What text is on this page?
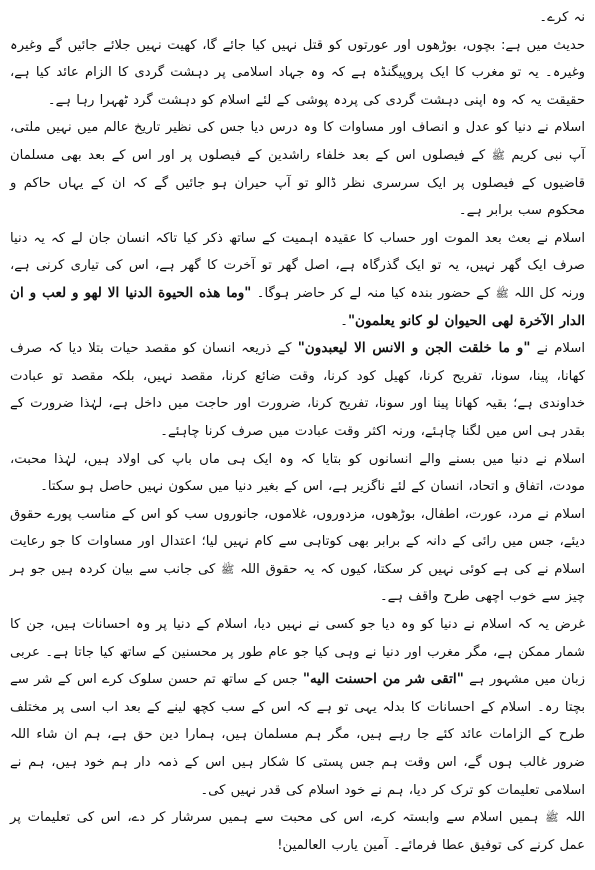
نہ کرے۔

حدیث میں ہے: بچوں، بوڑھوں اور عورتوں کو قتل نہیں کیا جائے گا، کھیت نہیں جلائے جائیں گے وغیرہ وغیرہ۔ یہ تو مغرب کا ایک پروپیگنڈہ ہے کہ وہ جہاد اسلامی پر دہشت گردی کا الزام عائد کیا ہے، حقیقت یہ کہ وہ اپنی دہشت گردی کی پردہ پوشی کے لئے اسلام کو دہشت گرد ٹھہرا رہا ہے۔

اسلام نے دنیا کو عدل و انصاف اور مساوات کا وہ درس دیا جس کی نظیر تاریخ عالم میں نہیں ملتی، آپ نبی کریم ﷺ کے فیصلوں اس کے بعد خلفاء راشدین کے فیصلوں پر اور اس کے بعد بھی مسلمان قاضیوں کے فیصلوں پر ایک سرسری نظر ڈالو تو آپ حیران ہو جائیں گے کہ ان کے یہاں حاکم و محکوم سب برابر ہے۔

اسلام نے بعث بعد الموت اور حساب کا عقیدہ اہمیت کے ساتھ ذکر کیا تاکہ انسان جان لے کہ یہ دنیا صرف ایک گھر نہیں، یہ تو ایک گذرگاہ ہے، اصل گھر تو آخرت کا گھر ہے، اس کی تیاری کرنی ہے، ورنہ کل اللہ ﷺ کے حضور بندہ کیا منہ لے کر حاضر ہوگا۔ "وما هذه الحيوة الدنيا الا لهو و لعب و ان الدار الآخرة لهى الحيوان لو كانو يعلمون"۔

اسلام نے "و ما خلقت الجن و الانس الا ليعبدون" کے ذریعہ انسان کو مقصد حیات بتلا دیا کہ صرف کھانا، پینا، سونا، تفریح کرنا، کھیل کود کرنا، وقت ضائع کرنا، مقصد نہیں، بلکہ مقصد تو عبادت خداوندی ہے؛ بقیہ کھانا پینا اور سونا، تفریح کرنا، ضرورت اور حاجت میں داخل ہے، لہٰذا ضرورت کے بقدر ہی اس میں لگنا چاہئے، ورنہ اکثر وقت عبادت میں صرف کرنا چاہئے۔

اسلام نے دنیا میں بسنے والے انسانوں کو بتایا کہ وہ ایک ہی ماں باپ کی اولاد ہیں، لہٰذا محبت، مودت، اتفاق و اتحاد، انسان کے لئے ناگزیر ہے، اس کے بغیر دنیا میں سکون نہیں حاصل ہو سکتا۔

اسلام نے مرد، عورت، اطفال، بوڑھوں، مزدوروں، غلاموں، جانوروں سب کو اس کے مناسب پورے حقوق دیئے، جس میں رائی کے دانہ کے برابر بھی کوتاہی سے کام نہیں لیا؛ اعتدال اور مساوات کا جو رعایت اسلام نے کی ہے کوئی نہیں کر سکتا، کیوں کہ یہ حقوق اللہ ﷺ کی جانب سے بیان کردہ ہیں جو ہر چیز سے خوب اچھی طرح واقف ہے۔

غرض یہ کہ اسلام نے دنیا کو وہ دیا جو کسی نے نہیں دیا، اسلام کے دنیا پر وہ احسانات ہیں، جن کا شمار ممکن ہے، مگر مغرب اور دنیا نے وہی کیا جو عام طور پر محسنین کے ساتھ کیا جاتا ہے۔ عربی زبان میں مشہور ہے "اتقى شر من احسنت اليه" جس کے ساتھ تم حسن سلوک کرے اس کے شر سے بچتا رہ۔ اسلام کے احسانات کا بدلہ یہی تو ہے کہ اس کے سب کچھ لینے کے بعد اب اسی پر مختلف طرح کے الزامات عائد کئے جا رہے ہیں، مگر ہم مسلمان ہیں، ہمارا دین حق ہے، ہم ان شاء اللہ ضرور غالب ہوں گے، اس وقت ہم جس پستی کا شکار ہیں اس کے ذمہ دار ہم خود ہیں، ہم نے اسلامی تعلیمات کو ترک کر دیا، ہم نے خود اسلام کی قدر نہیں کی۔

اللہ ﷺ ہمیں اسلام سے وابستہ کرے، اس کی محبت سے ہمیں سرشار کر دے، اس کی تعلیمات پر عمل کرنے کی توفیق عطا فرمائے۔ آمین یارب العالمین!
